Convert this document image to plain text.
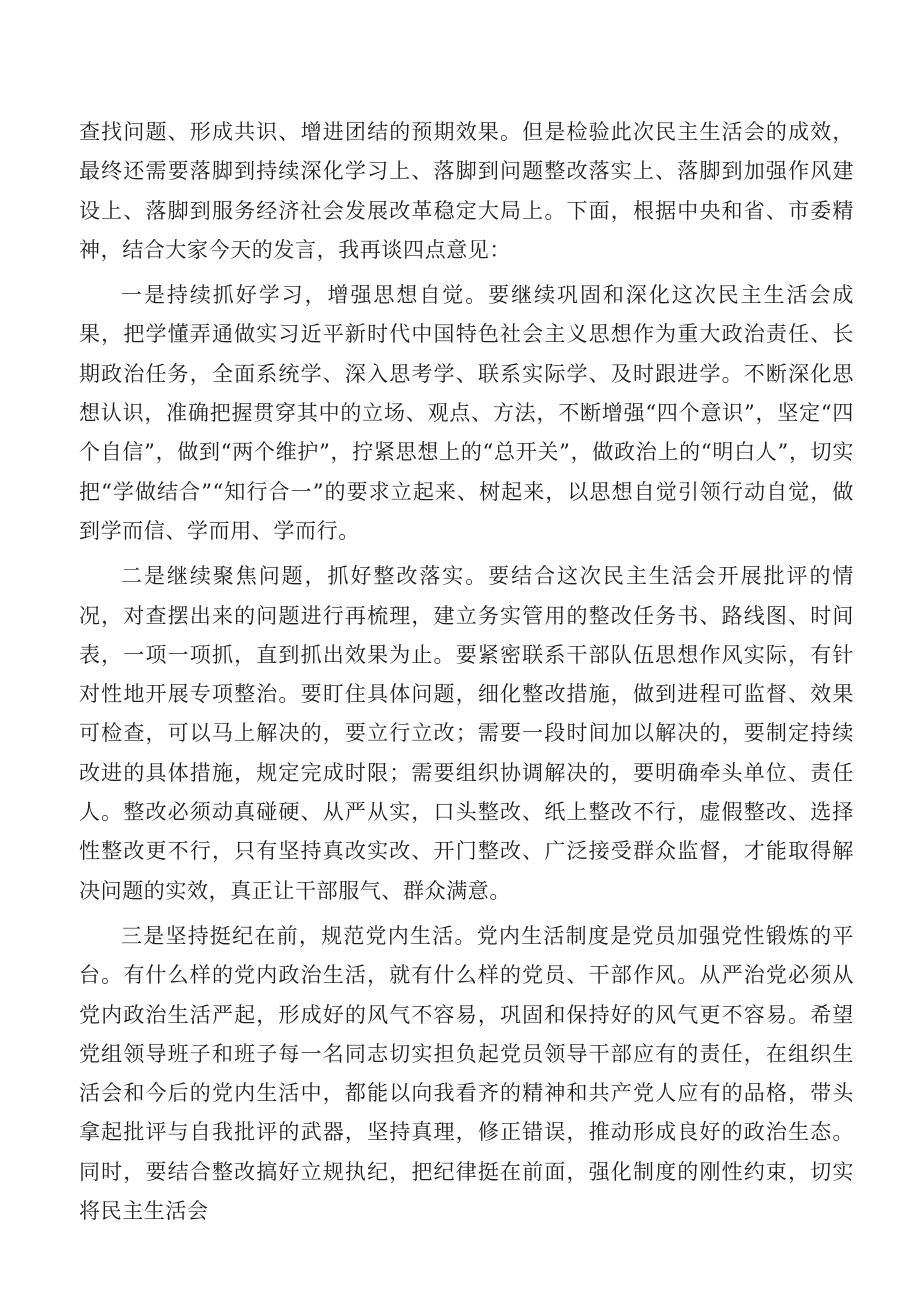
查找问题、形成共识、增进团结的预期效果。但是检验此次民主生活会的成效，最终还需要落脚到持续深化学习上、落脚到问题整改落实上、落脚到加强作风建设上、落脚到服务经济社会发展改革稳定大局上。下面，根据中央和省、市委精神，结合大家今天的发言，我再谈四点意见：

一是持续抓好学习，增强思想自觉。要继续巩固和深化这次民主生活会成果，把学懂弄通做实习近平新时代中国特色社会主义思想作为重大政治责任、长期政治任务，全面系统学、深入思考学、联系实际学、及时跟进学。不断深化思想认识，准确把握贯穿其中的立场、观点、方法，不断增强“四个意识”，坚定“四个自信”，做到“两个维护”，拧紧思想上的“总开关”，做政治上的“明白人”，切实把“学做结合”“知行合一”的要求立起来、树起来，以思想自觉引领行动自觉，做到学而信、学而用、学而行。

二是继续聚焦问题，抓好整改落实。要结合这次民主生活会开展批评的情况，对查摆出来的问题进行再梳理，建立务实管用的整改任务书、路线图、时间表，一项一项抓，直到抓出效果为止。要紧密联系干部队伍思想作风实际，有针对性地开展专项整治。要盯住具体问题，细化整改措施，做到进程可监督、效果可检查，可以马上解决的，要立行立改；需要一段时间加以解决的，要制定持续改进的具体措施，规定完成时限；需要组织协调解决的，要明确牵头单位、责任人。整改必须动真碰硬、从严从实，口头整改、纸上整改不行，虚假整改、选择性整改更不行，只有坚持真改实改、开门整改、广泛接受群众监督，才能取得解决问题的实效，真正让干部服气、群众满意。

三是坚持挺纪在前，规范党内生活。党内生活制度是党员加强党性锻炼的平台。有什么样的党内政治生活，就有什么样的党员、干部作风。从严治党必须从党内政治生活严起，形成好的风气不容易，巩固和保持好的风气更不容易。希望党组领导班子和班子每一名同志切实担负起党员领导干部应有的责任，在组织生活会和今后的党内生活中，都能以向我看齐的精神和共产党人应有的品格，带头拿起批评与自我批评的武器，坚持真理，修正错误，推动形成良好的政治生态。同时，要结合整改搞好立规执纪，把纪律挺在前面，强化制度的刚性约束，切实将民主生活会
